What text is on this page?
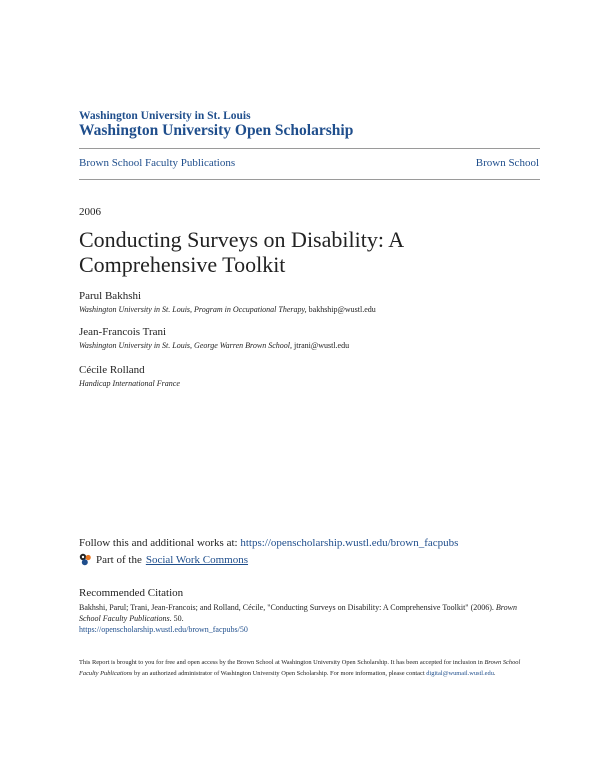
Washington University in St. Louis
Washington University Open Scholarship
Brown School Faculty Publications	Brown School
2006
Conducting Surveys on Disability: A Comprehensive Toolkit
Parul Bakhshi
Washington University in St. Louis, Program in Occupational Therapy, bakhship@wustl.edu
Jean-Francois Trani
Washington University in St. Louis, George Warren Brown School, jtrani@wustl.edu
Cécile Rolland
Handicap International France
Follow this and additional works at: https://openscholarship.wustl.edu/brown_facpubs
Part of the Social Work Commons
Recommended Citation
Bakhshi, Parul; Trani, Jean-Francois; and Rolland, Cécile, "Conducting Surveys on Disability: A Comprehensive Toolkit" (2006). Brown School Faculty Publications. 50.
https://openscholarship.wustl.edu/brown_facpubs/50
This Report is brought to you for free and open access by the Brown School at Washington University Open Scholarship. It has been accepted for inclusion in Brown School Faculty Publications by an authorized administrator of Washington University Open Scholarship. For more information, please contact digital@wumail.wustl.edu.
